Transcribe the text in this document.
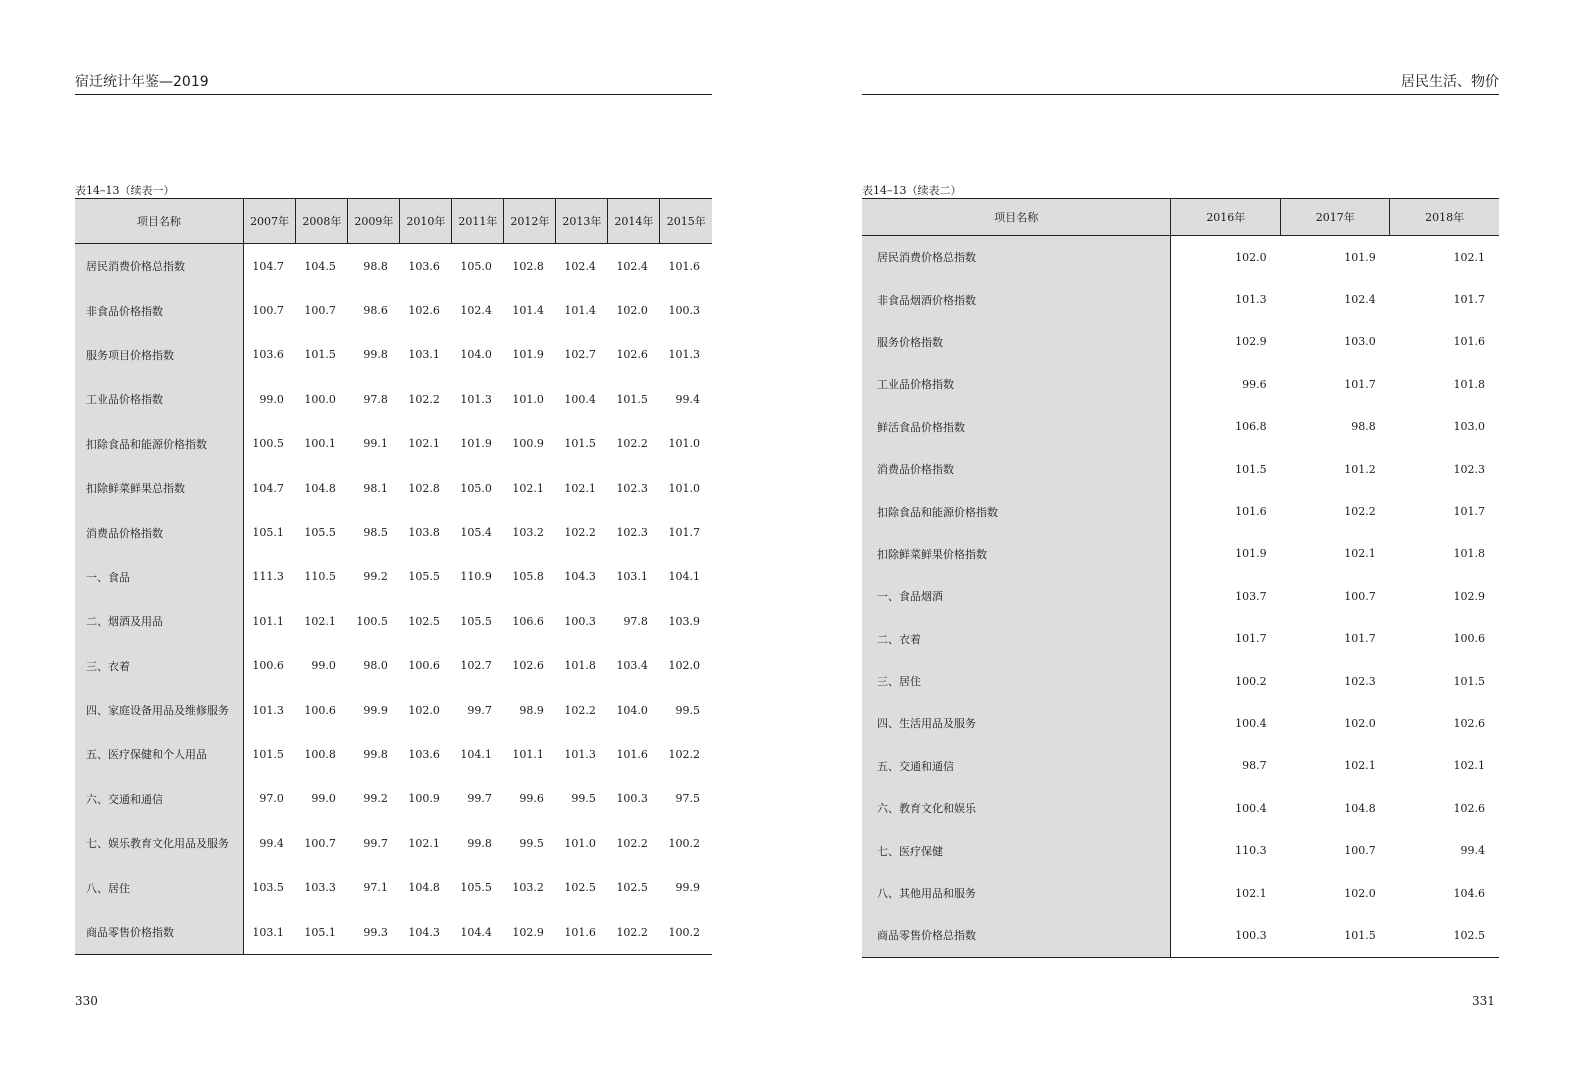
宿迁统计年鉴—2019
表14–13（续表一）
项目名称	2007年	2008年	2009年	2010年	2011年	2012年	2013年	2014年	2015年
居民消费价格总指数	104.7	104.5	98.8	103.6	105.0	102.8	102.4	102.4	101.6
非食品价格指数	100.7	100.7	98.6	102.6	102.4	101.4	101.4	102.0	100.3
服务项目价格指数	103.6	101.5	99.8	103.1	104.0	101.9	102.7	102.6	101.3
工业品价格指数	99.0	100.0	97.8	102.2	101.3	101.0	100.4	101.5	99.4
扣除食品和能源价格指数	100.5	100.1	99.1	102.1	101.9	100.9	101.5	102.2	101.0
扣除鲜菜鲜果总指数	104.7	104.8	98.1	102.8	105.0	102.1	102.1	102.3	101.0
消费品价格指数	105.1	105.5	98.5	103.8	105.4	103.2	102.2	102.3	101.7
一、食品	111.3	110.5	99.2	105.5	110.9	105.8	104.3	103.1	104.1
二、烟酒及用品	101.1	102.1	100.5	102.5	105.5	106.6	100.3	97.8	103.9
三、衣着	100.6	99.0	98.0	100.6	102.7	102.6	101.8	103.4	102.0
四、家庭设备用品及维修服务	101.3	100.6	99.9	102.0	99.7	98.9	102.2	104.0	99.5
五、医疗保健和个人用品	101.5	100.8	99.8	103.6	104.1	101.1	101.3	101.6	102.2
六、交通和通信	97.0	99.0	99.2	100.9	99.7	99.6	99.5	100.3	97.5
七、娱乐教育文化用品及服务	99.4	100.7	99.7	102.1	99.8	99.5	101.0	102.2	100.2
八、居住	103.5	103.3	97.1	104.8	105.5	103.2	102.5	102.5	99.9
商品零售价格指数	103.1	105.1	99.3	104.3	104.4	102.9	101.6	102.2	100.2
330
居民生活、物价
表14–13（续表二）
项目名称	2016年	2017年	2018年
居民消费价格总指数	102.0	101.9	102.1
非食品烟酒价格指数	101.3	102.4	101.7
服务价格指数	102.9	103.0	101.6
工业品价格指数	99.6	101.7	101.8
鲜活食品价格指数	106.8	98.8	103.0
消费品价格指数	101.5	101.2	102.3
扣除食品和能源价格指数	101.6	102.2	101.7
扣除鲜菜鲜果价格指数	101.9	102.1	101.8
一、食品烟酒	103.7	100.7	102.9
二、衣着	101.7	101.7	100.6
三、居住	100.2	102.3	101.5
四、生活用品及服务	100.4	102.0	102.6
五、交通和通信	98.7	102.1	102.1
六、教育文化和娱乐	100.4	104.8	102.6
七、医疗保健	110.3	100.7	99.4
八、其他用品和服务	102.1	102.0	104.6
商品零售价格总指数	100.3	101.5	102.5
331
